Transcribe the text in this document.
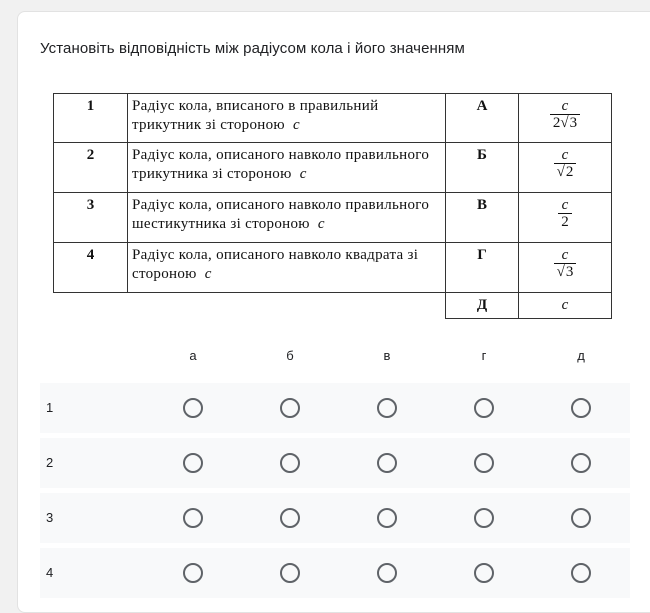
Установіть відповідність між радіусом кола і його значенням
1	Радіус кола, вписаного в правильний трикутник зі стороною c	А	$\frac{c}{2√3}$

2	Радіус кола, описаного навколо правильного трикутника зі стороною c	Б	$\frac{c}{√2}$

3	Радіус кола, описаного навколо правильного шестикутника зі стороною c	В	$\frac{c}{2}$

4	Радіус кола, описаного навколо квадрата зі стороною c	Г	$\frac{c}{√3}$

		Д	c
а	б	в	г	д
1
2
3
4
